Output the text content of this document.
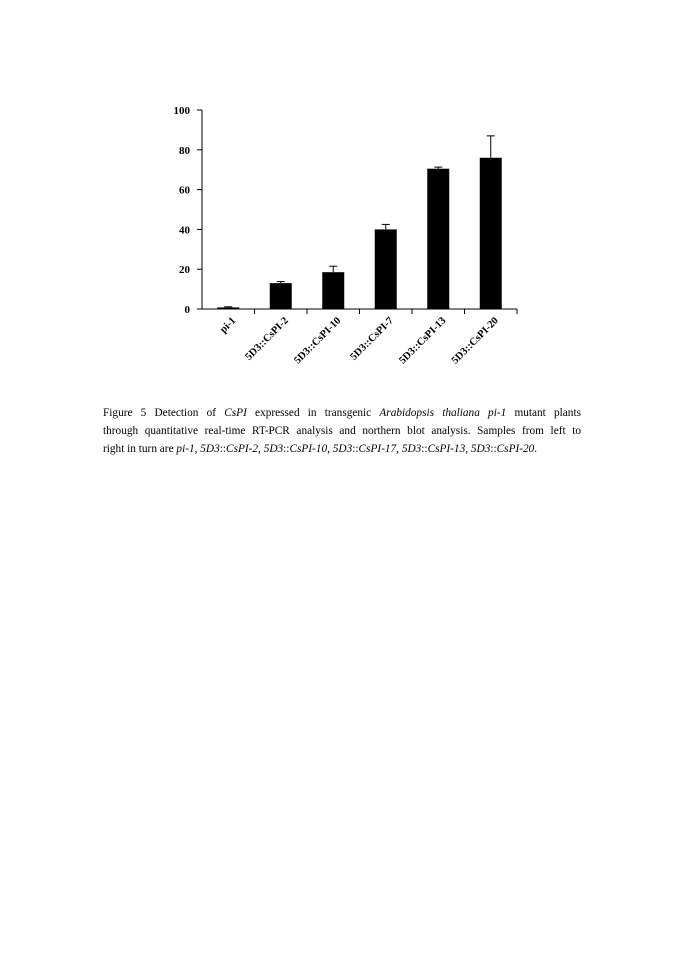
0
20
40
60
80
100
pi-1 5D3::CsPI-2 5D3::CsPI-10 5D3::CsPI-7 5D3::CsPI-13 5D3::CsPI-20
Figure 5 Detection of CsPI expressed in transgenic Arabidopsis thaliana pi-1 mutant plants
through quantitative real-time RT-PCR analysis and northern blot analysis. Samples from left to
right in turn are pi-1, 5D3::CsPI-2, 5D3::CsPI-10, 5D3::CsPI-17, 5D3::CsPI-13, 5D3::CsPI-20.
